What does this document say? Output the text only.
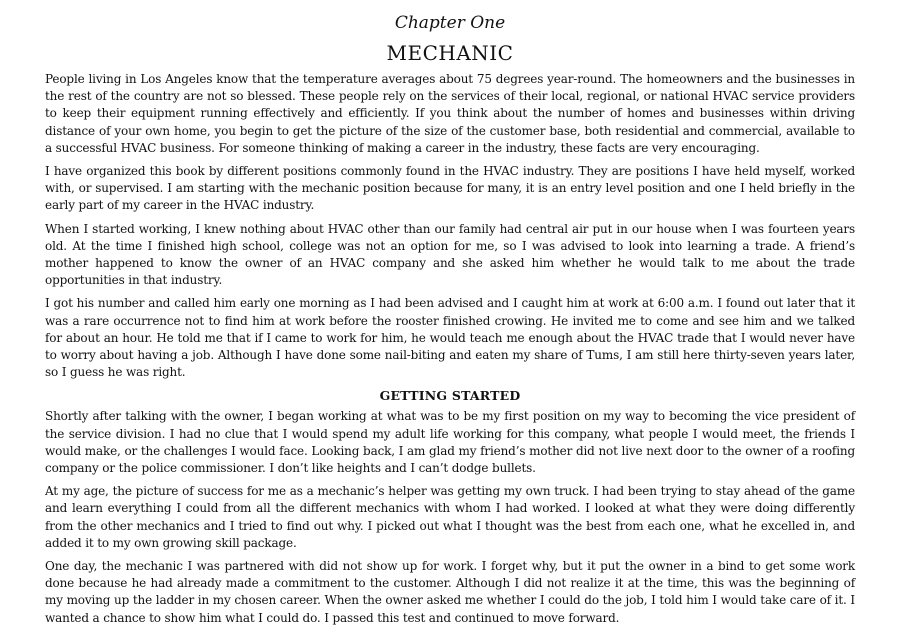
Chapter One

MECHANIC

People living in Los Angeles know that the temperature averages about 75 degrees year-round. The homeowners and the businesses in the rest of the country are not so blessed. These people rely on the services of their local, regional, or national HVAC service providers to keep their equipment running effectively and efficiently. If you think about the number of homes and businesses within driving distance of your own home, you begin to get the picture of the size of the customer base, both residential and commercial, available to a successful HVAC business. For someone thinking of making a career in the industry, these facts are very encouraging.

I have organized this book by different positions commonly found in the HVAC industry. They are positions I have held myself, worked with, or supervised. I am starting with the mechanic position because for many, it is an entry level position and one I held briefly in the early part of my career in the HVAC industry.

When I started working, I knew nothing about HVAC other than our family had central air put in our house when I was fourteen years old. At the time I finished high school, college was not an option for me, so I was advised to look into learning a trade. A friend’s mother happened to know the owner of an HVAC company and she asked him whether he would talk to me about the trade opportunities in that industry.

I got his number and called him early one morning as I had been advised and I caught him at work at 6:00 a.m. I found out later that it was a rare occurrence not to find him at work before the rooster finished crowing. He invited me to come and see him and we talked for about an hour. He told me that if I came to work for him, he would teach me enough about the HVAC trade that I would never have to worry about having a job. Although I have done some nail-biting and eaten my share of Tums, I am still here thirty-seven years later, so I guess he was right.

GETTING STARTED

Shortly after talking with the owner, I began working at what was to be my first position on my way to becoming the vice president of the service division. I had no clue that I would spend my adult life working for this company, what people I would meet, the friends I would make, or the challenges I would face. Looking back, I am glad my friend’s mother did not live next door to the owner of a roofing company or the police commissioner. I don’t like heights and I can’t dodge bullets.

At my age, the picture of success for me as a mechanic’s helper was getting my own truck. I had been trying to stay ahead of the game and learn everything I could from all the different mechanics with whom I had worked. I looked at what they were doing differently from the other mechanics and I tried to find out why. I picked out what I thought was the best from each one, what he excelled in, and added it to my own growing skill package.

One day, the mechanic I was partnered with did not show up for work. I forget why, but it put the owner in a bind to get some work done because he had already made a commitment to the customer. Although I did not realize it at the time, this was the beginning of my moving up the ladder in my chosen career. When the owner asked me whether I could do the job, I told him I would take care of it. I wanted a chance to show him what I could do. I passed this test and continued to move forward.
